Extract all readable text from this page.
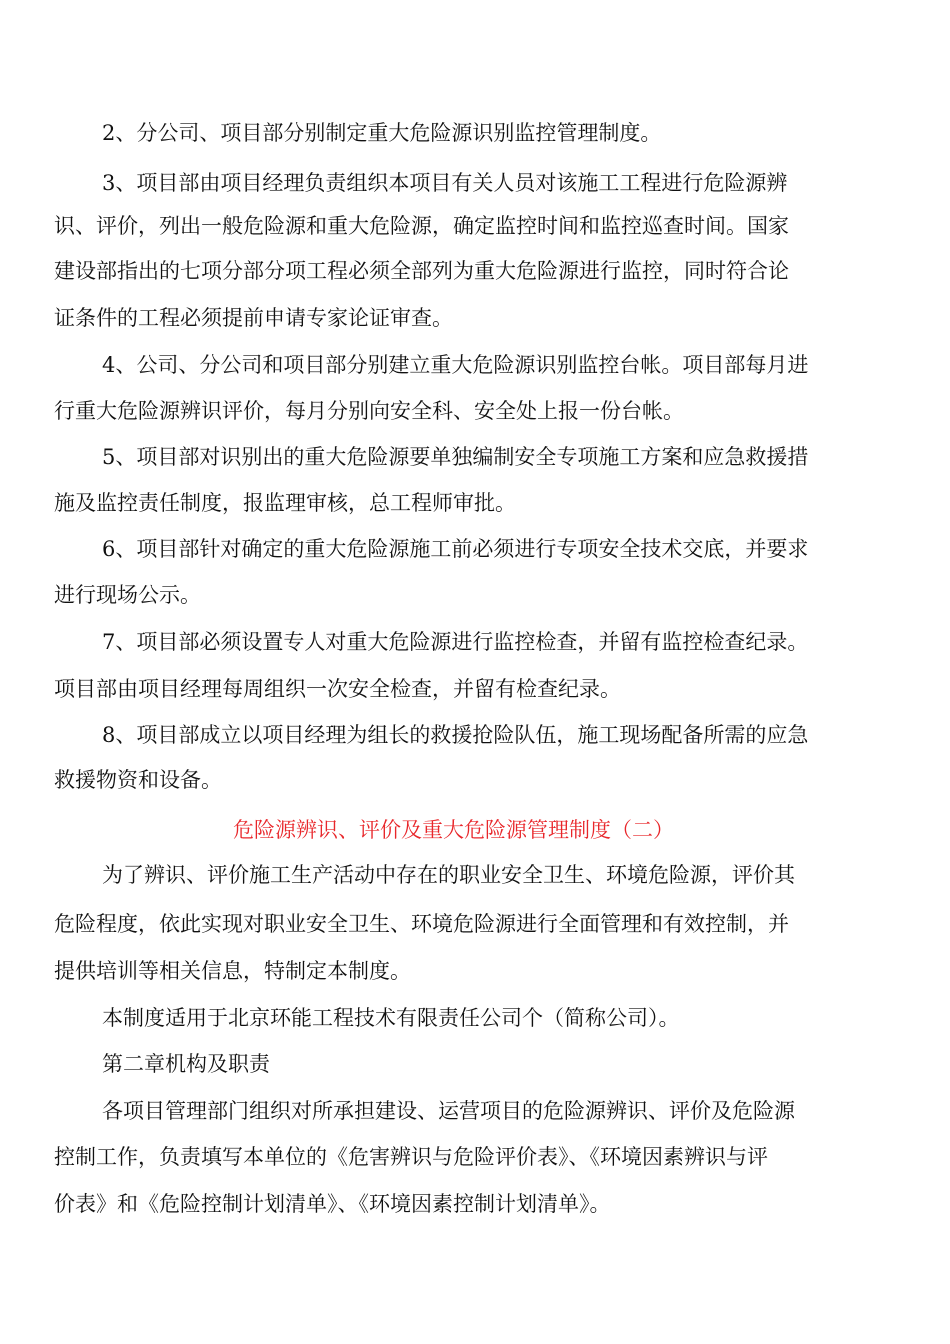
2、分公司、项目部分别制定重大危险源识别监控管理制度。
3、项目部由项目经理负责组织本项目有关人员对该施工工程进行危险源辨
识、评价，列出一般危险源和重大危险源，确定监控时间和监控巡查时间。国家
建设部指出的七项分部分项工程必须全部列为重大危险源进行监控，同时符合论
证条件的工程必须提前申请专家论证审查。
4、公司、分公司和项目部分别建立重大危险源识别监控台帐。项目部每月进
行重大危险源辨识评价，每月分别向安全科、安全处上报一份台帐。
5、项目部对识别出的重大危险源要单独编制安全专项施工方案和应急救援措
施及监控责任制度，报监理审核，总工程师审批。
6、项目部针对确定的重大危险源施工前必须进行专项安全技术交底，并要求
进行现场公示。
7、项目部必须设置专人对重大危险源进行监控检查，并留有监控检查纪录。
项目部由项目经理每周组织一次安全检查，并留有检查纪录。
8、项目部成立以项目经理为组长的救援抢险队伍，施工现场配备所需的应急
救援物资和设备。
危险源辨识、评价及重大危险源管理制度（二）
为了辨识、评价施工生产活动中存在的职业安全卫生、环境危险源，评价其
危险程度，依此实现对职业安全卫生、环境危险源进行全面管理和有效控制，并
提供培训等相关信息，特制定本制度。
本制度适用于北京环能工程技术有限责任公司个（简称公司）。
第二章机构及职责
各项目管理部门组织对所承担建设、运营项目的危险源辨识、评价及危险源
控制工作，负责填写本单位的《危害辨识与危险评价表》、《环境因素辨识与评
价表》和《危险控制计划清单》、《环境因素控制计划清单》。
